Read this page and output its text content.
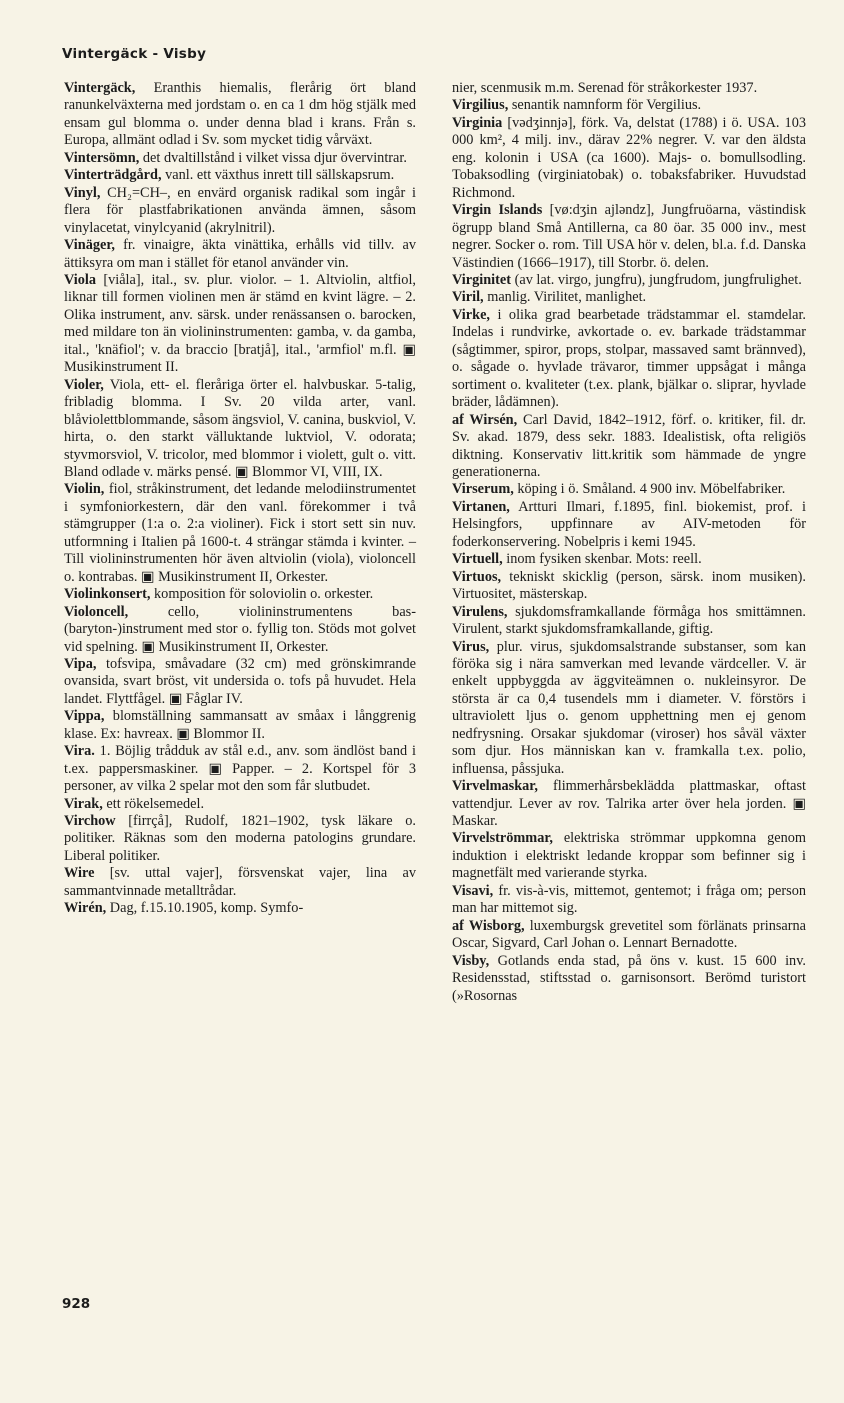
Vintergäck - Visby

Vintergäck, Eranthis hiemalis, flerårig ört bland ranunkelväxterna med jordstam o. en ca 1 dm hög stjälk med ensam gul blomma o. under denna blad i krans. Från s. Europa, allmänt odlad i Sv. som mycket tidig vårväxt.

Vintersömn, det dvaltillstånd i vilket vissa djur övervintrar.

Vinterträdgård, vanl. ett växthus inrett till sällskapsrum.

Vinyl, CH₂=CH–, en envärd organisk radikal som ingår i flera för plastfabrikationen använda ämnen, såsom vinylacetat, vinylcyanid (akrylnitril).

Vinäger, fr. vinaigre, äkta vinättika, erhålls vid tillv. av ättiksyra om man i stället för etanol använder vin.

Viola [viåla], ital., sv. plur. violor. – 1. Altviolin, altfiol, liknar till formen violinen men är stämd en kvint lägre. – 2. Olika instrument, anv. särsk. under renässansen o. barocken, med mildare ton än violininstrumenten: gamba, v. da gamba, ital., 'knäfiol'; v. da braccio [bratjå], ital., 'armfiol' m.fl. ▣ Musikinstrument II.

Violer, Viola, ett- el. fleråriga örter el. halvbuskar. 5-talig, fribladig blomma. I Sv. 20 vilda arter, vanl. blåviolettblommande, såsom ängsviol, V. canina, buskviol, V. hirta, o. den starkt välluktande luktviol, V. odorata; styvmorsviol, V. tricolor, med blommor i violett, gult o. vitt. Bland odlade v. märks pensé. ▣ Blommor VI, VIII, IX.

Violin, fiol, stråkinstrument, det ledande melodiinstrumentet i symfoniorkestern, där den vanl. förekommer i två stämgrupper (1:a o. 2:a violiner). Fick i stort sett sin nuv. utformning i Italien på 1600-t. 4 strängar stämda i kvinter. – Till violininstrumenten hör även altviolin (viola), violoncell o. kontrabas. ▣ Musikinstrument II, Orkester.

Violinkonsert, komposition för soloviolin o. orkester.

Violoncell, cello, violininstrumentens bas-(baryton-)instrument med stor o. fyllig ton. Stöds mot golvet vid spelning. ▣ Musikinstrument II, Orkester.

Vipa, tofsvipa, småvadare (32 cm) med grönskimrande ovansida, svart bröst, vit undersida o. tofs på huvudet. Hela landet. Flyttfågel. ▣ Fåglar IV.

Vippa, blomställning sammansatt av småax i långgrenig klase. Ex: havreax. ▣ Blommor II.

Vira. 1. Böjlig trådduk av stål e.d., anv. som ändlöst band i t.ex. pappersmaskiner. ▣ Papper. – 2. Kortspel för 3 personer, av vilka 2 spelar mot den som får slutbudet.

Virak, ett rökelsemedel.

Virchow [firrçå], Rudolf, 1821–1902, tysk läkare o. politiker. Räknas som den moderna patologins grundare. Liberal politiker.

Wire [sv. uttal vajer], försvenskat vajer, lina av sammantvinnade metalltrådar.

Wirén, Dag, f.15.10.1905, komp. Symfo-

nier, scenmusik m.m. Serenad för stråkorkester 1937.

Virgilius, senantik namnform för Vergilius.

Virginia [vədʒinnjə], förk. Va, delstat (1788) i ö. USA. 103 000 km², 4 milj. inv., därav 22% negrer. V. var den äldsta eng. kolonin i USA (ca 1600). Majs- o. bomullsodling. Tobaksodling (virginiatobak) o. tobaksfabriker. Huvudstad Richmond.

Virgin Islands [vø:dʒin ajləndz], Jungfruöarna, västindisk ögrupp bland Små Antillerna, ca 80 öar. 35 000 inv., mest negrer. Socker o. rom. Till USA hör v. delen, bl.a. f.d. Danska Västindien (1666–1917), till Storbr. ö. delen.

Virginitet (av lat. virgo, jungfru), jungfrudom, jungfrulighet.

Viril, manlig. Virilitet, manlighet.

Virke, i olika grad bearbetade trädstammar el. stamdelar. Indelas i rundvirke, avkortade o. ev. barkade trädstammar (sågtimmer, spiror, props, stolpar, massaved samt brännved), o. sågade o. hyvlade trävaror, timmer uppsågat i många sortiment o. kvaliteter (t.ex. plank, bjälkar o. sliprar, hyvlade bräder, lådämnen).

af Wirsén, Carl David, 1842–1912, förf. o. kritiker, fil. dr. Sv. akad. 1879, dess sekr. 1883. Idealistisk, ofta religiös diktning. Konservativ litt.kritik som hämmade de yngre generationerna.

Virserum, köping i ö. Småland. 4 900 inv. Möbelfabriker.

Virtanen, Artturi Ilmari, f.1895, finl. biokemist, prof. i Helsingfors, uppfinnare av AIV-metoden för foderkonservering. Nobelpris i kemi 1945.

Virtuell, inom fysiken skenbar. Mots: reell.

Virtuos, tekniskt skicklig (person, särsk. inom musiken). Virtuositet, mästerskap.

Virulens, sjukdomsframkallande förmåga hos smittämnen. Virulent, starkt sjukdomsframkallande, giftig.

Virus, plur. virus, sjukdomsalstrande substanser, som kan föröka sig i nära samverkan med levande värdceller. V. är enkelt uppbyggda av äggviteämnen o. nukleinsyror. De största är ca 0,4 tusendels mm i diameter. V. förstörs i ultraviolett ljus o. genom upphettning men ej genom nedfrysning. Orsakar sjukdomar (viroser) hos såväl växter som djur. Hos människan kan v. framkalla t.ex. polio, influensa, påssjuka.

Virvelmaskar, flimmerhårsbeklädda plattmaskar, oftast vattendjur. Lever av rov. Talrika arter över hela jorden. ▣ Maskar.

Virvelströmmar, elektriska strömmar uppkomna genom induktion i elektriskt ledande kroppar som befinner sig i magnetfält med varierande styrka.

Visavi, fr. vis-à-vis, mittemot, gentemot; i fråga om; person man har mittemot sig.

af Wisborg, luxemburgsk grevetitel som förlänats prinsarna Oscar, Sigvard, Carl Johan o. Lennart Bernadotte.

Visby, Gotlands enda stad, på öns v. kust. 15 600 inv. Residensstad, stiftsstad o. garnisonsort. Berömd turistort (»Rosornas

928
